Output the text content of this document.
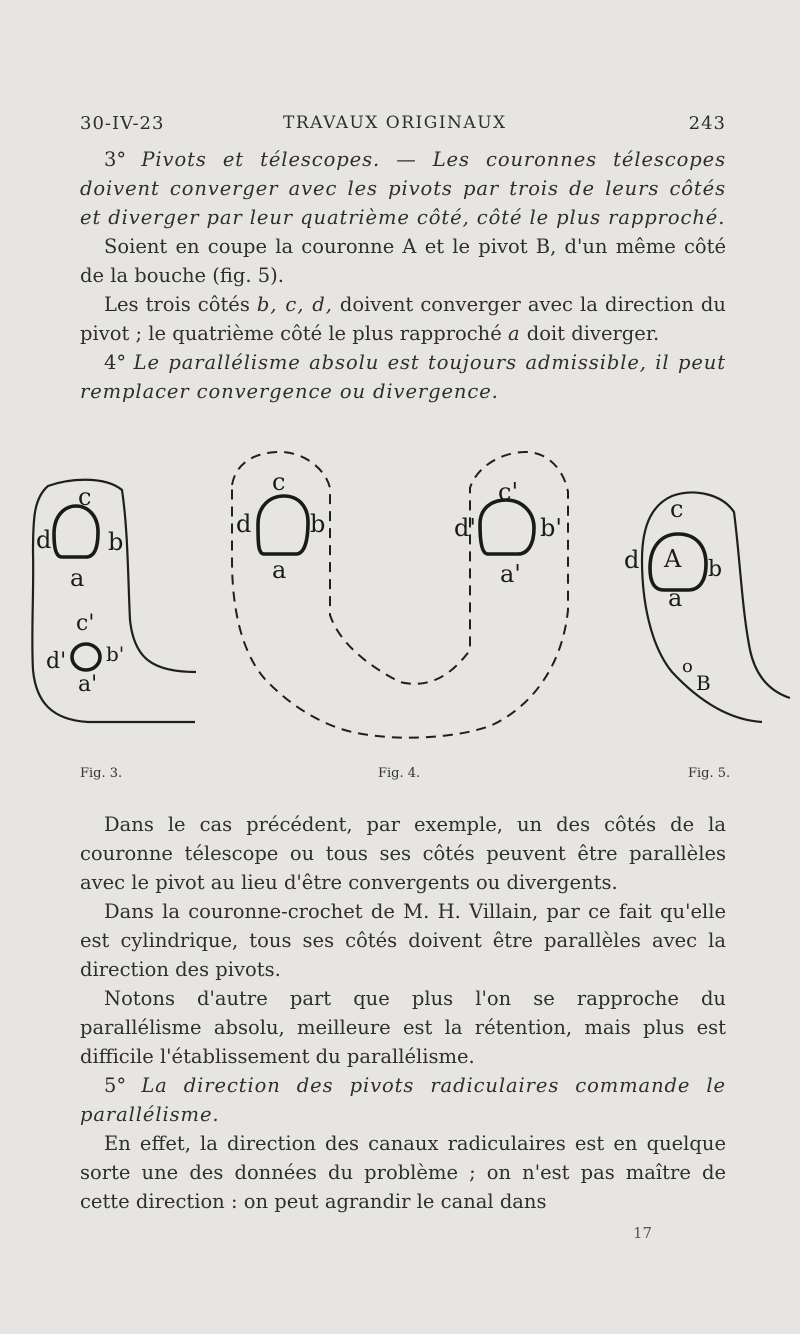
30-IV-23	TRAVAUX ORIGINAUX	243

3° Pivots et télescopes. — Les couronnes télescopes doivent converger avec les pivots par trois de leurs côtés et diverger par leur quatrième côté, côté le plus rapproché.

Soient en coupe la couronne A et le pivot B, d'un même côté de la bouche (fig. 5).

Les trois côtés b, c, d, doivent converger avec la direction du pivot ; le quatrième côté le plus rapproché a doit diverger.

4° Le parallélisme absolu est toujours admissible, il peut remplacer convergence ou divergence.

c
d b
a
c'
d' b'
a'
Fig. 3.
c
d b
a
c'
d'	b'
a'
Fig. 4.
c
d A b
a
o
B
Fig. 5.

Dans le cas précédent, par exemple, un des côtés de la couronne télescope ou tous ses côtés peuvent être parallèles avec le pivot au lieu d'être convergents ou divergents.

Dans la couronne-crochet de M. H. Villain, par ce fait qu'elle est cylindrique, tous ses côtés doivent être parallèles avec la direction des pivots.

Notons d'autre part que plus l'on se rapproche du parallélisme absolu, meilleure est la rétention, mais plus est difficile l'établissement du parallélisme.

5° La direction des pivots radiculaires commande le parallélisme.

En effet, la direction des canaux radiculaires est en quelque sorte une des données du problème ; on n'est pas maître de cette direction : on peut agrandir le canal dans

17
